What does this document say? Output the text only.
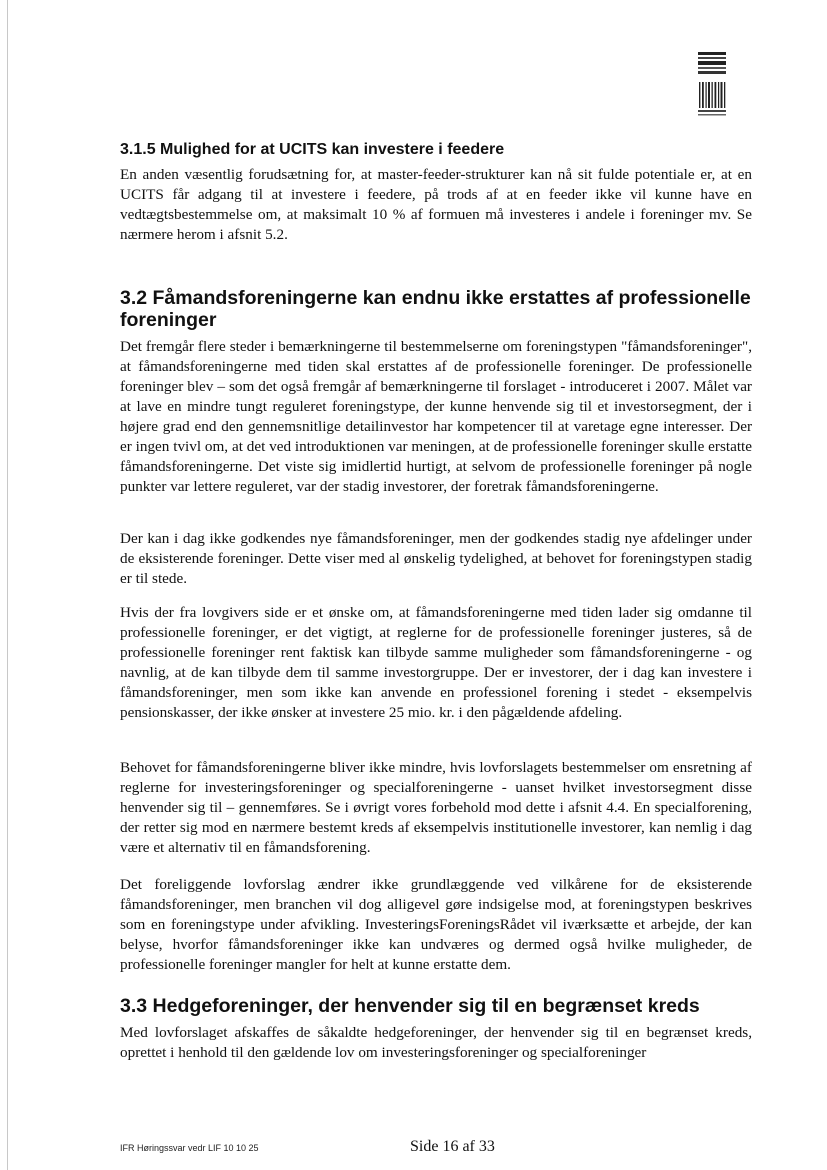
3.1.5 Mulighed for at UCITS kan investere i feedere

En anden væsentlig forudsætning for, at master-feeder-strukturer kan nå sit fulde potentiale er, at en UCITS får adgang til at investere i feedere, på trods af at en feeder ikke vil kunne have en vedtægtsbestemmelse om, at maksimalt 10 % af formuen må investeres i andele i foreninger mv. Se nærmere herom i afsnit 5.2.

3.2 Fåmandsforeningerne kan endnu ikke erstattes af professionelle foreninger

Det fremgår flere steder i bemærkningerne til bestemmelserne om foreningstypen "fåmandsforeninger", at fåmandsforeningerne med tiden skal erstattes af de professionelle foreninger. De professionelle foreninger blev – som det også fremgår af bemærkningerne til forslaget - introduceret i 2007. Målet var at lave en mindre tungt reguleret foreningstype, der kunne henvende sig til et investorsegment, der i højere grad end den gennemsnitlige detailinvestor har kompetencer til at varetage egne interesser. Der er ingen tvivl om, at det ved introduktionen var meningen, at de professionelle foreninger skulle erstatte fåmandsforeningerne. Det viste sig imidlertid hurtigt, at selvom de professionelle foreninger på nogle punkter var lettere reguleret, var der stadig investorer, der foretrak fåmandsforeningerne.

Der kan i dag ikke godkendes nye fåmandsforeninger, men der godkendes stadig nye afdelinger under de eksisterende foreninger. Dette viser med al ønskelig tydelighed, at behovet for foreningstypen stadig er til stede.

Hvis der fra lovgivers side er et ønske om, at fåmandsforeningerne med tiden lader sig omdanne til professionelle foreninger, er det vigtigt, at reglerne for de professionelle foreninger justeres, så de professionelle foreninger rent faktisk kan tilbyde samme muligheder som fåmandsforeningerne - og navnlig, at de kan tilbyde dem til samme investorgruppe. Der er investorer, der i dag kan investere i fåmandsforeninger, men som ikke kan anvende en professionel forening i stedet - eksempelvis pensionskasser, der ikke ønsker at investere 25 mio. kr. i den pågældende afdeling.

Behovet for fåmandsforeningerne bliver ikke mindre, hvis lovforslagets bestemmelser om ensretning af reglerne for investeringsforeninger og specialforeningerne - uanset hvilket investorsegment disse henvender sig til – gennemføres. Se i øvrigt vores forbehold mod dette i afsnit 4.4. En specialforening, der retter sig mod en nærmere bestemt kreds af eksempelvis institutionelle investorer, kan nemlig i dag være et alternativ til en fåmandsforening.

Det foreliggende lovforslag ændrer ikke grundlæggende ved vilkårene for de eksisterende fåmandsforeninger, men branchen vil dog alligevel gøre indsigelse mod, at foreningstypen beskrives som en foreningstype under afvikling. InvesteringsForeningsRådet vil iværksætte et arbejde, der kan belyse, hvorfor fåmandsforeninger ikke kan undværes og dermed også hvilke muligheder, de professionelle foreninger mangler for helt at kunne erstatte dem.

3.3 Hedgeforeninger, der henvender sig til en begrænset kreds

Med lovforslaget afskaffes de såkaldte hedgeforeninger, der henvender sig til en begrænset kreds, oprettet i henhold til den gældende lov om investeringsforeninger og specialforeninger

IFR Høringssvar vedr LIF 10 10 25	Side 16 af 33
